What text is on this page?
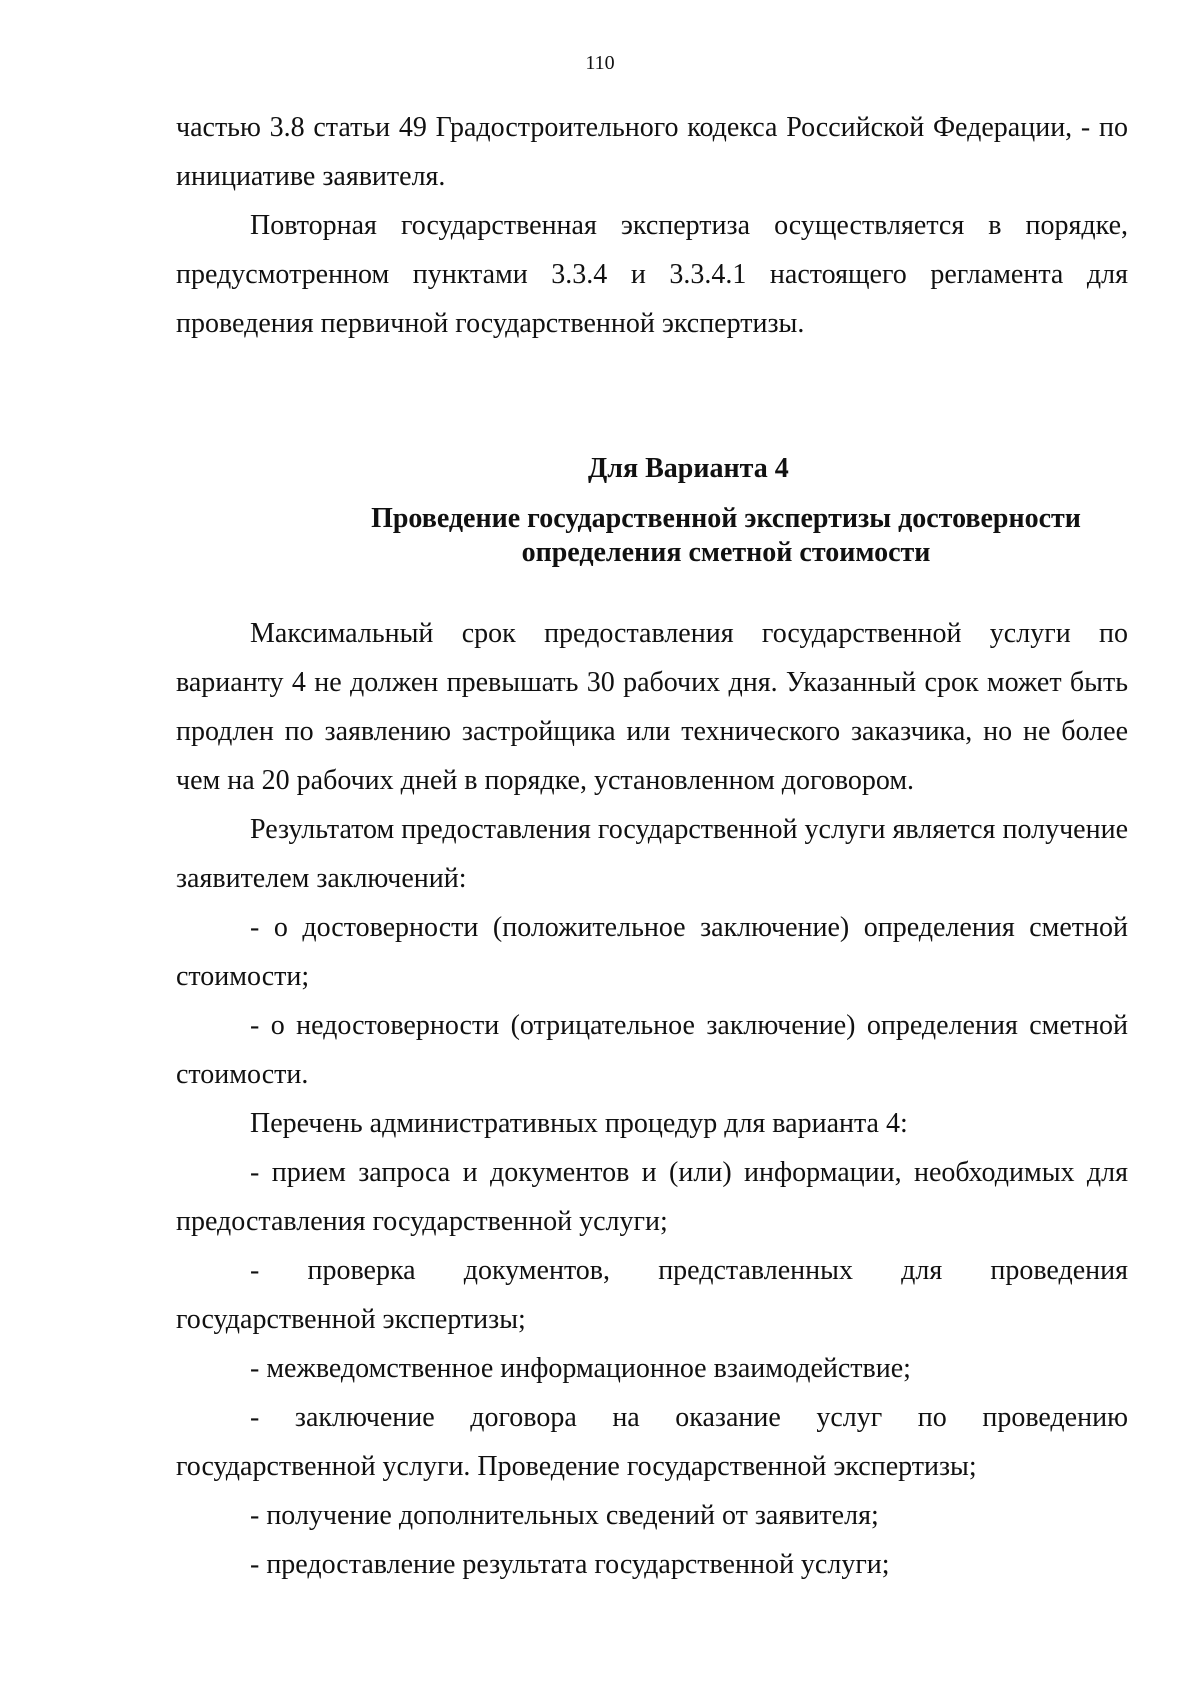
110

частью 3.8 статьи 49 Градостроительного кодекса Российской Федерации, - по инициативе заявителя.

Повторная государственная экспертиза осуществляется в порядке, предусмотренном пунктами 3.3.4 и 3.3.4.1 настоящего регламента для проведения первичной государственной экспертизы.

Для Варианта 4
Проведение государственной экспертизы достоверности
определения сметной стоимости

Максимальный срок предоставления государственной услуги по варианту 4 не должен превышать 30 рабочих дня. Указанный срок может быть продлен по заявлению застройщика или технического заказчика, но не более чем на 20 рабочих дней в порядке, установленном договором.

Результатом предоставления государственной услуги является получение заявителем заключений:

- о достоверности (положительное заключение) определения сметной стоимости;

- о недостоверности (отрицательное заключение) определения сметной стоимости.

Перечень административных процедур для варианта 4:

- прием запроса и документов и (или) информации, необходимых для предоставления государственной услуги;

- проверка документов, представленных для проведения государственной экспертизы;

- межведомственное информационное взаимодействие;

- заключение договора на оказание услуг по проведению государственной услуги. Проведение государственной экспертизы;

- получение дополнительных сведений от заявителя;

- предоставление результата государственной услуги;
